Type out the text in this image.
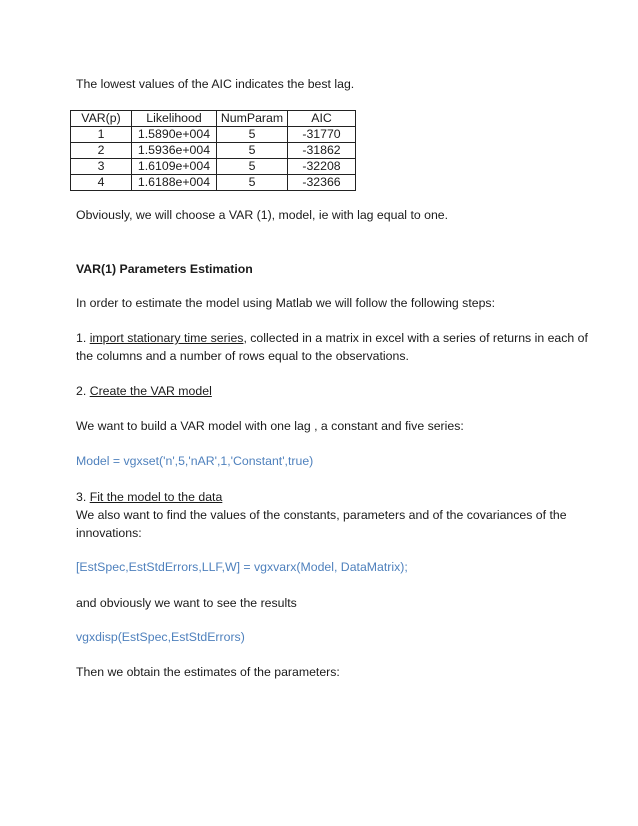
The lowest values of the AIC indicates the best lag.
VAR(p)	Likelihood	NumParam	AIC
1	1.5890e+004	5	-31770
2	1.5936e+004	5	-31862
3	1.6109e+004	5	-32208
4	1.6188e+004	5	-32366
Obviously, we will choose a VAR (1), model, ie with lag equal to one.
VAR(1) Parameters Estimation
In order to estimate the model using Matlab we will follow the following steps:
1. import stationary time series, collected in a matrix in excel with a series of returns in each of
the columns and a number of rows equal to the observations.
2. Create the VAR model
We want to build a VAR model with one lag , a constant and five series:
Model = vgxset('n',5,'nAR',1,'Constant',true)
3. Fit the model to the data
We also want to find the values of the constants, parameters and of the covariances of the
innovations:
[EstSpec,EstStdErrors,LLF,W] = vgxvarx(Model, DataMatrix);
and obviously we want to see the results
vgxdisp(EstSpec,EstStdErrors)
Then we obtain the estimates of the parameters:
